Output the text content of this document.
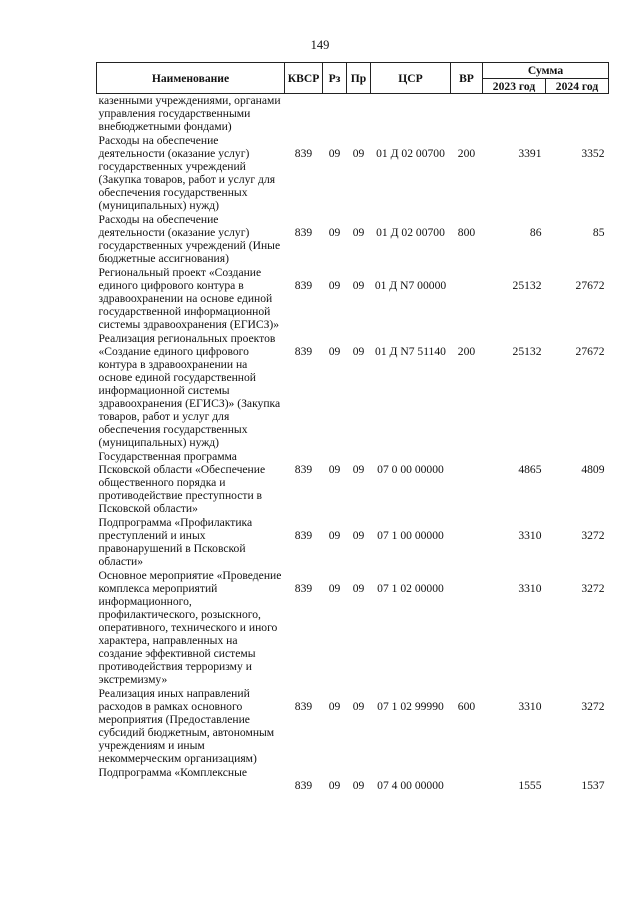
149
Наименование	КВСР	Рз	Пр	ЦСР	ВР	Сумма	
						2023 год	2024 год
казенными учреждениями, органами управления государственными внебюджетными фондами)							
Расходы на обеспечение деятельности (оказание услуг) государственных учреждений (Закупка товаров, работ и услуг для обеспечения государственных (муниципальных) нужд)	839	09	09	01 Д 02 00700	200	3391	3352
Расходы на обеспечение деятельности (оказание услуг) государственных учреждений (Иные бюджетные ассигнования)	839	09	09	01 Д 02 00700	800	86	85
Региональный проект «Создание единого цифрового контура в здравоохранении на основе единой государственной информационной системы здравоохранения (ЕГИСЗ)»	839	09	09	01 Д N7 00000		25132	27672
Реализация региональных проектов «Создание единого цифрового контура в здравоохранении на основе единой государственной информационной системы здравоохранения (ЕГИСЗ)» (Закупка товаров, работ и услуг для обеспечения государственных (муниципальных) нужд)	839	09	09	01 Д N7 51140	200	25132	27672
Государственная программа Псковской области «Обеспечение общественного порядка и противодействие преступности в Псковской области»	839	09	09	07 0 00 00000		4865	4809
Подпрограмма «Профилактика преступлений и иных правонарушений в Псковской области»	839	09	09	07 1 00 00000		3310	3272
Основное мероприятие «Проведение комплекса мероприятий информационного, профилактического, розыскного, оперативного, технического и иного характера, направленных на создание эффективной системы противодействия терроризму и экстремизму»	839	09	09	07 1 02 00000		3310	3272
Реализация иных направлений расходов в рамках основного мероприятия (Предоставление субсидий бюджетным, автономным учреждениям и иным некоммерческим организациям)	839	09	09	07 1 02 99990	600	3310	3272
Подпрограмма «Комплексные	839	09	09	07 4 00 00000		1555	1537
